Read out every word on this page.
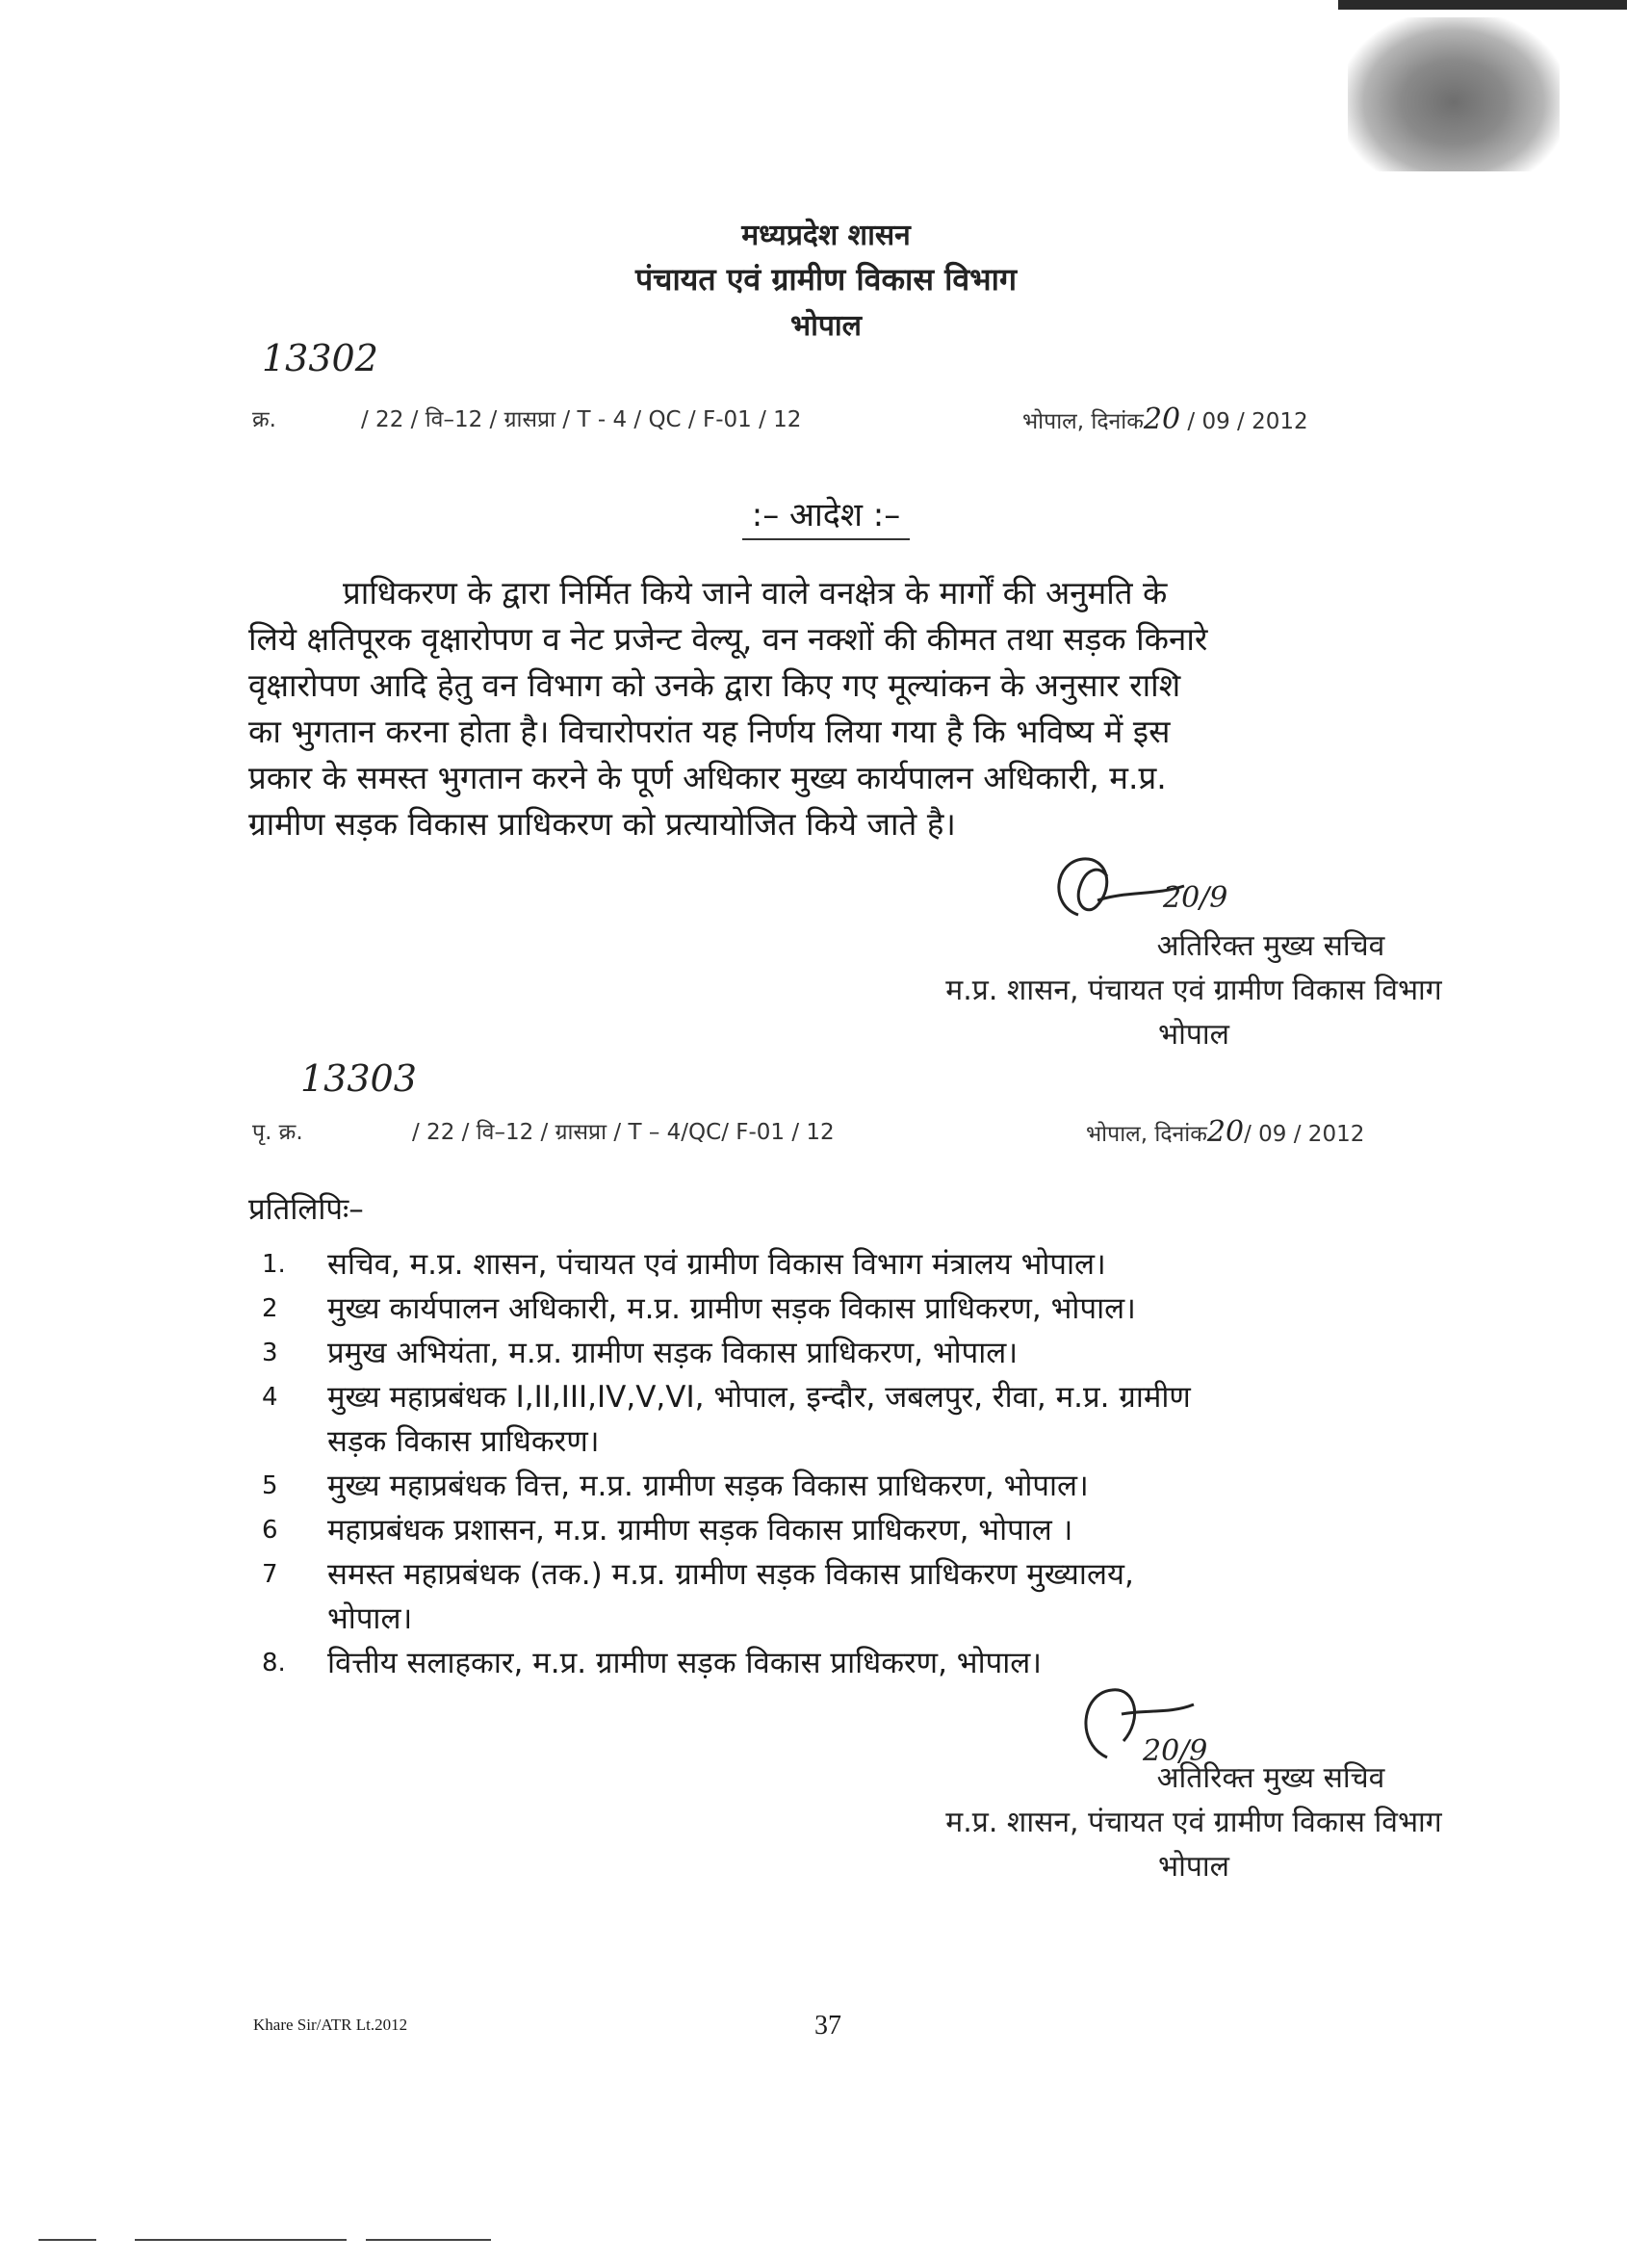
मध्यप्रदेश शासन
पंचायत एवं ग्रामीण विकास विभाग
भोपाल
13302
क्र.	/ 22 / वि–12 / ग्रासप्रा / T - 4 / QC / F-01 / 12	भोपाल, दिनांक20 / 09 / 2012
:– आदेश :–
प्राधिकरण के द्वारा निर्मित किये जाने वाले वनक्षेत्र के मार्गों की अनुमति के
लिये क्षतिपूरक वृक्षारोपण व नेट प्रजेन्ट वेल्यू, वन नक्शों की कीमत तथा सड़क किनारे
वृक्षारोपण आदि हेतु वन विभाग को उनके द्वारा किए गए मूल्यांकन के अनुसार राशि
का भुगतान करना होता है। विचारोपरांत यह निर्णय लिया गया है कि भविष्य में इस
प्रकार के समस्त भुगतान करने के पूर्ण अधिकार मुख्य कार्यपालन अधिकारी, म.प्र.
ग्रामीण सड़क विकास प्राधिकरण को प्रत्यायोजित किये जाते है।
20/9
अतिरिक्त मुख्य सचिव
म.प्र. शासन, पंचायत एवं ग्रामीण विकास विभाग
भोपाल
13303
पृ. क्र.	/ 22 / वि–12 / ग्रासप्रा / T – 4/QC/ F-01 / 12	भोपाल, दिनांक20/ 09 / 2012
प्रतिलिपिः–
1.	सचिव, म.प्र. शासन, पंचायत एवं ग्रामीण विकास विभाग मंत्रालय भोपाल।
2	मुख्य कार्यपालन अधिकारी, म.प्र. ग्रामीण सड़क विकास प्राधिकरण, भोपाल।
3	प्रमुख अभियंता, म.प्र. ग्रामीण सड़क विकास प्राधिकरण, भोपाल।
4	मुख्य महाप्रबंधक I,II,III,IV,V,VI, भोपाल, इन्दौर, जबलपुर, रीवा, म.प्र. ग्रामीण
सड़क विकास प्राधिकरण।
5	मुख्य महाप्रबंधक वित्त, म.प्र. ग्रामीण सड़क विकास प्राधिकरण, भोपाल।
6	महाप्रबंधक प्रशासन, म.प्र. ग्रामीण सड़क विकास प्राधिकरण, भोपाल ।
7	समस्त महाप्रबंधक (तक.) म.प्र. ग्रामीण सड़क विकास प्राधिकरण मुख्यालय,
भोपाल।
8.	वित्तीय सलाहकार, म.प्र. ग्रामीण सड़क विकास प्राधिकरण, भोपाल।
20/9
अतिरिक्त मुख्य सचिव
म.प्र. शासन, पंचायत एवं ग्रामीण विकास विभाग
भोपाल
Khare Sir/ATR Lt.2012	37
